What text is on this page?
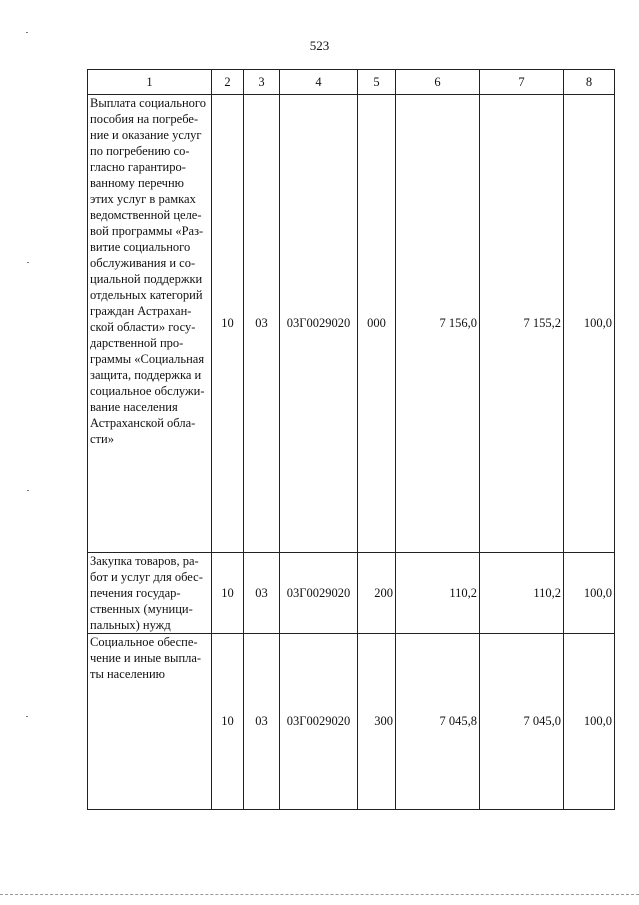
523
1	2	3	4	5	6	7	8
Выплата социального пособия на погребе-ние и оказание услуг по погребению со-гласно гарантиро-ванному перечню этих услуг в рамках ведомственной целе-вой программы «Раз-витие социального обслуживания и со-циальной поддержки отдельных категорий граждан Астрахан-ской области» госу-дарственной про-граммы «Социальная защита, поддержка и социальное обслужи-вание населения Астраханской обла-сти»	10	03	03Г0029020	000	7 156,0	7 155,2	100,0
Закупка товаров, ра-бот и услуг для обес-печения государ-ственных (муници-пальных) нужд	10	03	03Г0029020	200	110,2	110,2	100,0
Социальное обеспе-чение и иные выпла-ты населению	10	03	03Г0029020	300	7 045,8	7 045,0	100,0
